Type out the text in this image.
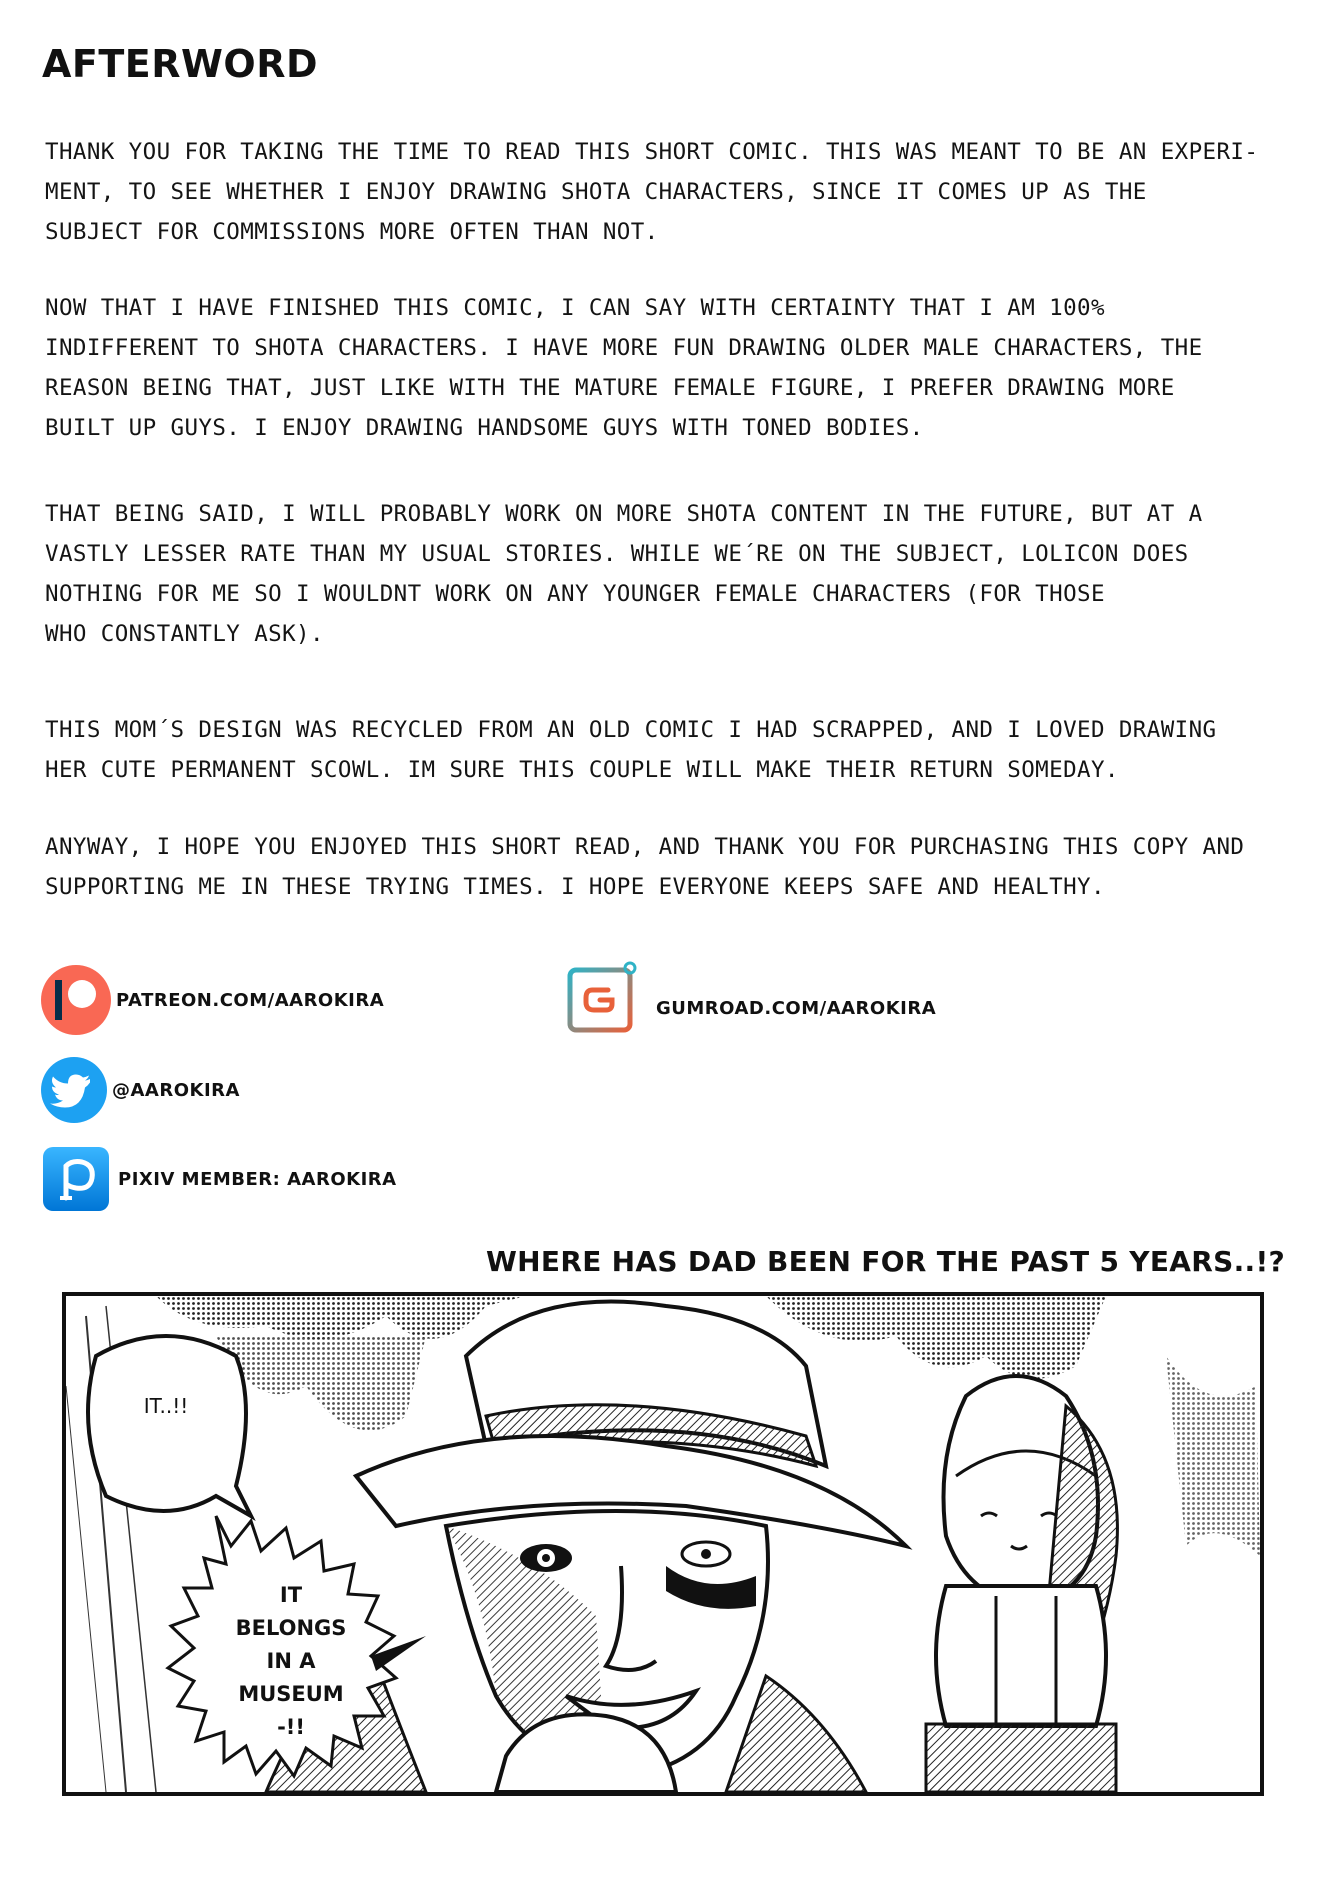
AFTERWORD

THANK YOU FOR TAKING THE TIME TO READ THIS SHORT COMIC. THIS WAS MEANT TO BE AN EXPERI-
MENT, TO SEE WHETHER I ENJOY DRAWING SHOTA CHARACTERS, SINCE IT COMES UP AS THE
SUBJECT FOR COMMISSIONS MORE OFTEN THAN NOT.

NOW THAT I HAVE FINISHED THIS COMIC, I CAN SAY WITH CERTAINTY THAT I AM 100%
INDIFFERENT TO SHOTA CHARACTERS. I HAVE MORE FUN DRAWING OLDER MALE CHARACTERS, THE
REASON BEING THAT, JUST LIKE WITH THE MATURE FEMALE FIGURE, I PREFER DRAWING MORE
BUILT UP GUYS. I ENJOY DRAWING HANDSOME GUYS WITH TONED BODIES.

THAT BEING SAID, I WILL PROBABLY WORK ON MORE SHOTA CONTENT IN THE FUTURE, BUT AT A
VASTLY LESSER RATE THAN MY USUAL STORIES. WHILE WE´RE ON THE SUBJECT, LOLICON DOES
NOTHING FOR ME SO I WOULDNT WORK ON ANY YOUNGER FEMALE CHARACTERS (FOR THOSE
WHO CONSTANTLY ASK).

THIS MOM´S DESIGN WAS RECYCLED FROM AN OLD COMIC I HAD SCRAPPED, AND I LOVED DRAWING
HER CUTE PERMANENT SCOWL. IM SURE THIS COUPLE WILL MAKE THEIR RETURN SOMEDAY.

ANYWAY, I HOPE YOU ENJOYED THIS SHORT READ, AND THANK YOU FOR PURCHASING THIS COPY AND
SUPPORTING ME IN THESE TRYING TIMES. I HOPE EVERYONE KEEPS SAFE AND HEALTHY.

PATREON.COM/AAROKIRA	GUMROAD.COM/AAROKIRA
@AAROKIRA
PIXIV MEMBER: AAROKIRA
WHERE HAS DAD BEEN FOR THE PAST 5 YEARS..!?

IT..!!

IT
BELONGS
IN A
MUSEUM
-!!
